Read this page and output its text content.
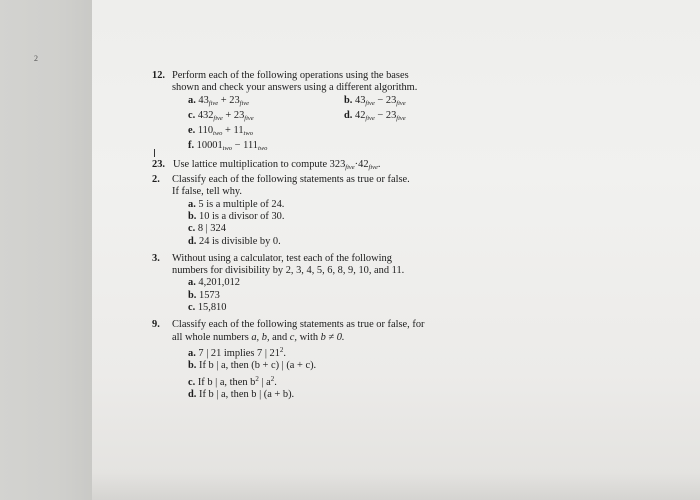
2
12. Perform each of the following operations using the bases
shown and check your answers using a different algorithm.
a. $43_{five} + 23_{five}$	b. $43_{five} - 23_{five}$
c. $432_{five} + 23_{five}$	d. $42_{five} - 23_{five}$
e. $110_{two} + 11_{two}$
f. $10001_{two} - 111_{two}$
23. Use lattice multiplication to compute $323_{five}\cdot 42_{five}$.
2. Classify each of the following statements as true or false.
If false, tell why.
a. 5 is a multiple of 24.
b. 10 is a divisor of 30.
c. 8 | 324
d. 24 is divisible by 0.
3. Without using a calculator, test each of the following
numbers for divisibility by 2, 3, 4, 5, 6, 8, 9, 10, and 11.
a. 4,201,012
b. 1573
c. 15,810
9. Classify each of the following statements as true or false, for
all whole numbers a, b, and c, with b ≠ 0.
a. 7 | 21 implies 7 | $21^2$.
b. If b | a, then (b + c) | (a + c).
c. If b | a, then $b^2$ | $a^2$.
d. If b | a, then b | (a + b).
